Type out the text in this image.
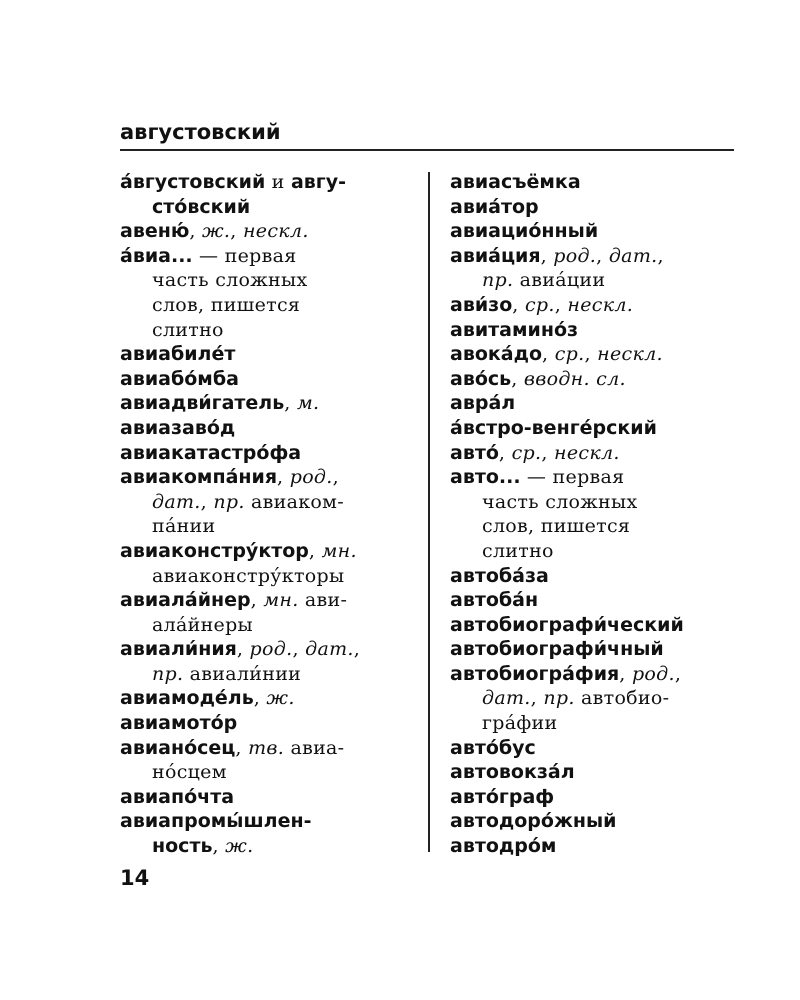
августовский
а́вгустовский и авгу-
сто́вский
авеню́, ж., нескл.
а́виа... — первая
часть сложных
слов, пишется
слитно
авиабиле́т
авиабо́мба
авиадви́гатель, м.
авиазаво́д
авиакатастро́фа
авиакомпа́ния, род.,
дат., пр. авиаком-
па́нии
авиаконстру́ктор, мн.
авиаконстру́кторы
авиала́йнер, мн. ави-
ала́йнеры
авиали́ния, род., дат.,
пр. авиали́нии
авиамоде́ль, ж.
авиамото́р
авиано́сец, тв. авиа-
но́сцем
авиапо́чта
авиапромы́шлен-
ность, ж.
авиасъёмка
авиа́тор
авиацио́нный
авиа́ция, род., дат.,
пр. авиа́ции
ави́зо, ср., нескл.
авитамино́з
авока́до, ср., нескл.
аво́сь, вводн. сл.
авра́л
а́встро-венге́рский
авто́, ср., нескл.
авто... — первая
часть сложных
слов, пишется
слитно
автоба́за
автоба́н
автобиографи́ческий
автобиографи́чный
автобиогра́фия, род.,
дат., пр. автобио-
гра́фии
авто́бус
автовокза́л
авто́граф
автодоро́жный
автодро́м
14
